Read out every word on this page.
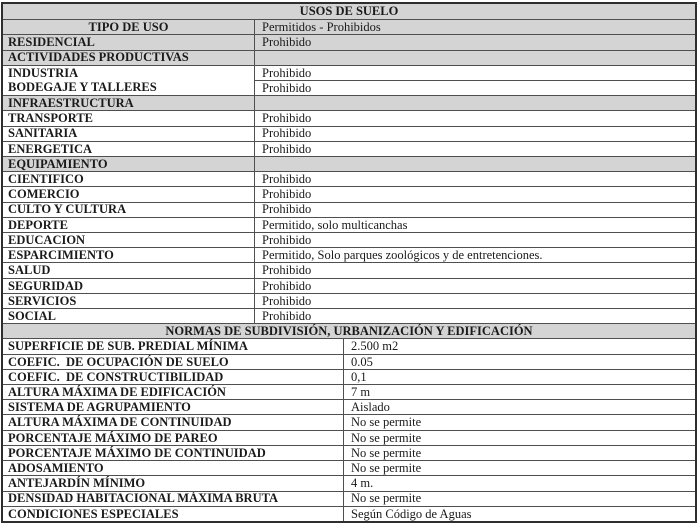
USOS DE SUELO
TIPO DE USO	Permitidos - Prohibidos
RESIDENCIAL	Prohibido
ACTIVIDADES PRODUCTIVAS
INDUSTRIA	Prohibido
BODEGAJE Y TALLERES	Prohibido
INFRAESTRUCTURA
TRANSPORTE	Prohibido
SANITARIA	Prohibido
ENERGETICA	Prohibido
EQUIPAMIENTO
CIENTIFICO	Prohibido
COMERCIO	Prohibido
CULTO Y CULTURA	Prohibido
DEPORTE	Permitido, solo multicanchas
EDUCACION	Prohibido
ESPARCIMIENTO	Permitido, Solo parques zoológicos y de entretenciones.
SALUD	Prohibido
SEGURIDAD	Prohibido
SERVICIOS	Prohibido
SOCIAL	Prohibido
NORMAS DE SUBDIVISIÓN, URBANIZACIÓN Y EDIFICACIÓN
SUPERFICIE DE SUB. PREDIAL MÍNIMA	2.500 m2
COEFIC.  DE OCUPACIÓN DE SUELO	0.05
COEFIC.  DE CONSTRUCTIBILIDAD	0,1
ALTURA MÁXIMA DE EDIFICACIÓN	7 m
SISTEMA DE AGRUPAMIENTO	Aislado
ALTURA MÁXIMA DE CONTINUIDAD	No se permite
PORCENTAJE MÁXIMO DE PAREO	No se permite
PORCENTAJE MÁXIMO DE CONTINUIDAD	No se permite
ADOSAMIENTO	No se permite
ANTEJARDÍN MÍNIMO	4 m.
DENSIDAD HABITACIONAL MÁXIMA BRUTA	No se permite
CONDICIONES ESPECIALES	Según Código de Aguas
